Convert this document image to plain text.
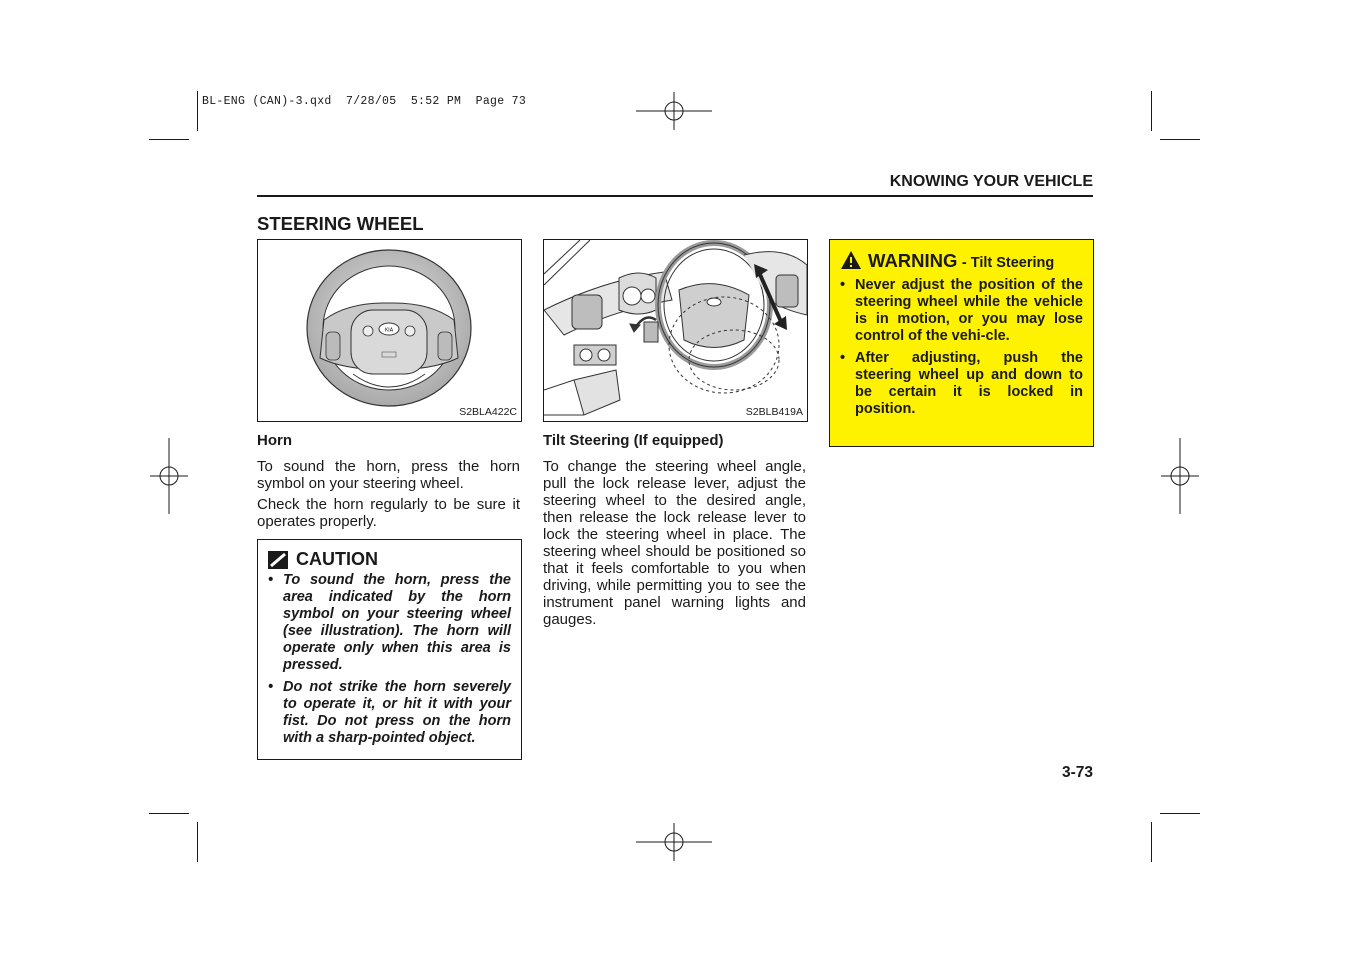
BL-ENG (CAN)-3.qxd  7/28/05  5:52 PM  Page 73
KNOWING YOUR VEHICLE
STEERING WHEEL
KIA
S2BLA422C	S2BLB419A
Horn

To sound the horn, press the horn symbol on your steering wheel.

Check the horn regularly to be sure it operates properly.

CAUTION
• To sound the horn, press the area indicated by the horn symbol on your steering wheel (see illustration). The horn will operate only when this area is pressed.
• Do not strike the horn severely to operate it, or hit it with your fist. Do not press on the horn with a sharp-pointed object.
Tilt Steering (If equipped)

To change the steering wheel angle, pull the lock release lever, adjust the steering wheel to the desired angle, then release the lock release lever to lock the steering wheel in place. The steering wheel should be positioned so that it feels comfortable to you when driving, while permitting you to see the instrument panel warning lights and gauges.

WARNING - Tilt Steering
• Never adjust the position of the steering wheel while the vehicle is in motion, or you may lose control of the vehi-cle.
• After adjusting, push the steering wheel up and down to be certain it is locked in position.
3-73
